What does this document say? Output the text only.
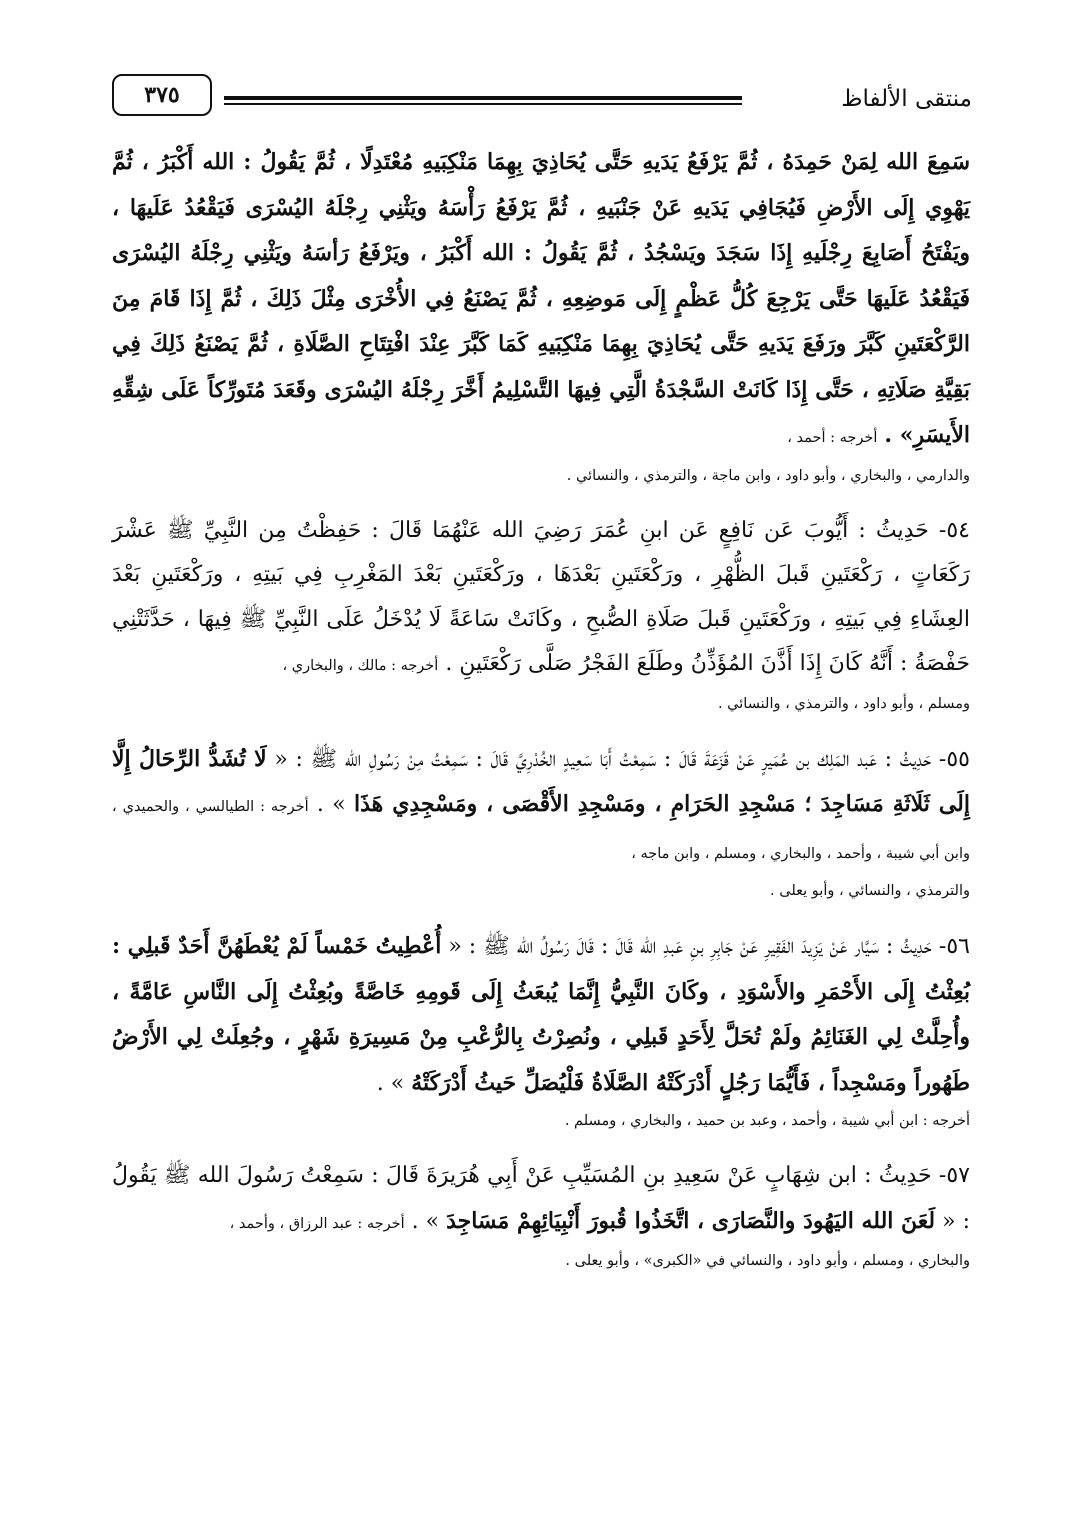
منتقى الألفاظ
٣٧٥

سَمِعَ الله لِمَنْ حَمِدَهُ ، ثُمَّ يَرْفَعُ يَدَيهِ حَتَّى يُحَاذِيَ بِهِمَا مَنْكِبَيهِ مُعْتَدِلًا ، ثُمَّ يَقُولُ : الله أَكْبَرُ ، ثُمَّ يَهْوِي إِلَى الأَرْضِ فَيُجَافِي يَدَيهِ عَنْ جَنْبَيهِ ، ثُمَّ يَرْفَعُ رَأْسَهُ ويَثْنِي رِجْلَهُ اليُسْرَى فَيَقْعُدُ عَلَيهَا ، ويَفْتَحُ أَصَابِعَ رِجْلَيهِ إِذَا سَجَدَ ويَسْجُدُ ، ثُمَّ يَقُولُ : الله أَكْبَرُ ، ويَرْفَعُ رَأسَهُ ويَثْنِي رِجْلَهُ اليُسْرَى فَيَقْعُدُ عَلَيهَا حَتَّى يَرْجِعَ كُلُّ عَظْمٍ إِلَى مَوضِعِهِ ، ثُمَّ يَصْنَعُ فِي الأُخْرَى مِثْلَ ذَلِكَ ، ثُمَّ إِذَا قَامَ مِنَ الرَّكْعَتَينِ كَبَّرَ ورَفَعَ يَدَيهِ حَتَّى يُحَاذِيَ بِهِمَا مَنْكِبَيهِ كَمَا كَبَّرَ عِنْدَ افْتِتَاحِ الصَّلَاةِ ، ثُمَّ يَصْنَعُ ذَلِكَ فِي بَقِيَّةِ صَلَاتِهِ ، حَتَّى إِذَا كَانَتْ السَّجْدَةُ الَّتِي فِيهَا التَّسْلِيمُ أَخَّرَ رِجْلَهُ اليُسْرَى وقَعَدَ مُتَورِّكاً عَلَى شِقِّهِ الأَيسَرِ» . أخرجه : أحمد ،

والدارمي ، والبخاري ، وأبو داود ، وابن ماجة ، والترمذي ، والنسائي .

٥٤- حَدِيثُ : أَيُّوبَ عَن نَافِعٍ عَن ابنِ عُمَرَ رَضِيَ الله عَنْهُمَا قَالَ : حَفِظْتُ مِن النَّبِيِّ ﷺ عَشْرَ رَكَعَاتٍ ، رَكْعَتَينِ قَبلَ الظُّهْرِ ، ورَكْعَتَينِ بَعْدَهَا ، ورَكْعَتَينِ بَعْدَ المَغْرِبِ فِي بَيتِهِ ، ورَكْعَتَينِ بَعْدَ العِشَاءِ فِي بَيتِهِ ، ورَكْعَتَينِ قَبلَ صَلَاةِ الصُّبحِ ، وكَانَتْ سَاعَةً لَا يُدْخَلُ عَلَى النَّبِيِّ ﷺ فِيهَا ، حَدَّثَتْنِي حَفْصَةُ : أَنَّهُ كَانَ إِذَا أَذَّنَ المُؤَذِّنُ وطَلَعَ الفَجْرُ صَلَّى رَكْعَتَينِ . أخرجه : مالك ، والبخاري ،

ومسلم ، وأبو داود ، والترمذي ، والنسائي .

٥٥- حَدِيثُ : عَبد المَلِك بن عُمَيرٍ عَنْ قَزَعَةَ قَالَ : سَمِعْتُ أَبَا سَعِيدٍ الخُدْرِيَّ قَالَ : سَمِعْتُ مِنْ رَسُولِ الله ﷺ : « لَا تُشَدُّ الرِّحَالُ إِلَّا إِلَى ثَلَاثَةِ مَسَاجِدَ ؛ مَسْجِدِ الحَرَامِ ، ومَسْجِدِ الأَقْصَى ، ومَسْجِدِي هَذَا » . أخرجه : الطيالسي ، والحميدي ، وابن أبي شيبة ، وأحمد ، والبخاري ، ومسلم ، وابن ماجه ،

والترمذي ، والنسائي ، وأبو يعلى .

٥٦- حَدِيثُ : سَيَّار عَنْ يَزِيدَ الفَقِيرِ عَنْ جَابِرِ بنِ عَبدِ الله قَالَ : قَالَ رَسُولُ الله ﷺ : « أُعْطِيتُ خَمْساً لَمْ يُعْطَهُنَّ أَحَدٌ قَبلِي : بُعِثْتُ إِلَى الأَحْمَرِ والأَسْوَدِ ، وكَانَ النَّبِيُّ إِنَّمَا يُبعَثُ إِلَى قَومِهِ خَاصَّةً وبُعِثْتُ إِلَى النَّاسِ عَامَّةً ، وأُحِلَّتْ لِي الغَنَائِمُ ولَمْ تُحَلَّ لِأَحَدٍ قَبلِي ، ونُصِرْتُ بِالرُّعْبِ مِنْ مَسِيرَةِ شَهْرٍ ، وجُعِلَتْ لِي الأَرْضُ طَهُوراً ومَسْجِداً ، فَأَيُّمَا رَجُلٍ أَدْرَكَتْهُ الصَّلَاةُ فَلْيُصَلِّ حَيثُ أَدْرَكَتْهُ » .

أخرجه : ابن أبي شيبة ، وأحمد ، وعبد بن حميد ، والبخاري ، ومسلم .

٥٧- حَدِيثُ : ابن شِهَابٍ عَنْ سَعِيدِ بنِ المُسَيِّبِ عَنْ أَبِي هُرَيرَةَ قَالَ : سَمِعْتُ رَسُولَ الله ﷺ يَقُولُ : « لَعَنَ الله اليَهُودَ والنَّصَارَى ، اتَّخَذُوا قُبورَ أَنْبِيَائِهِمْ مَسَاجِدَ » . أخرجه : عبد الرزاق ، وأحمد ،

والبخاري ، ومسلم ، وأبو داود ، والنسائي في «الكبرى» ، وأبو يعلى .
